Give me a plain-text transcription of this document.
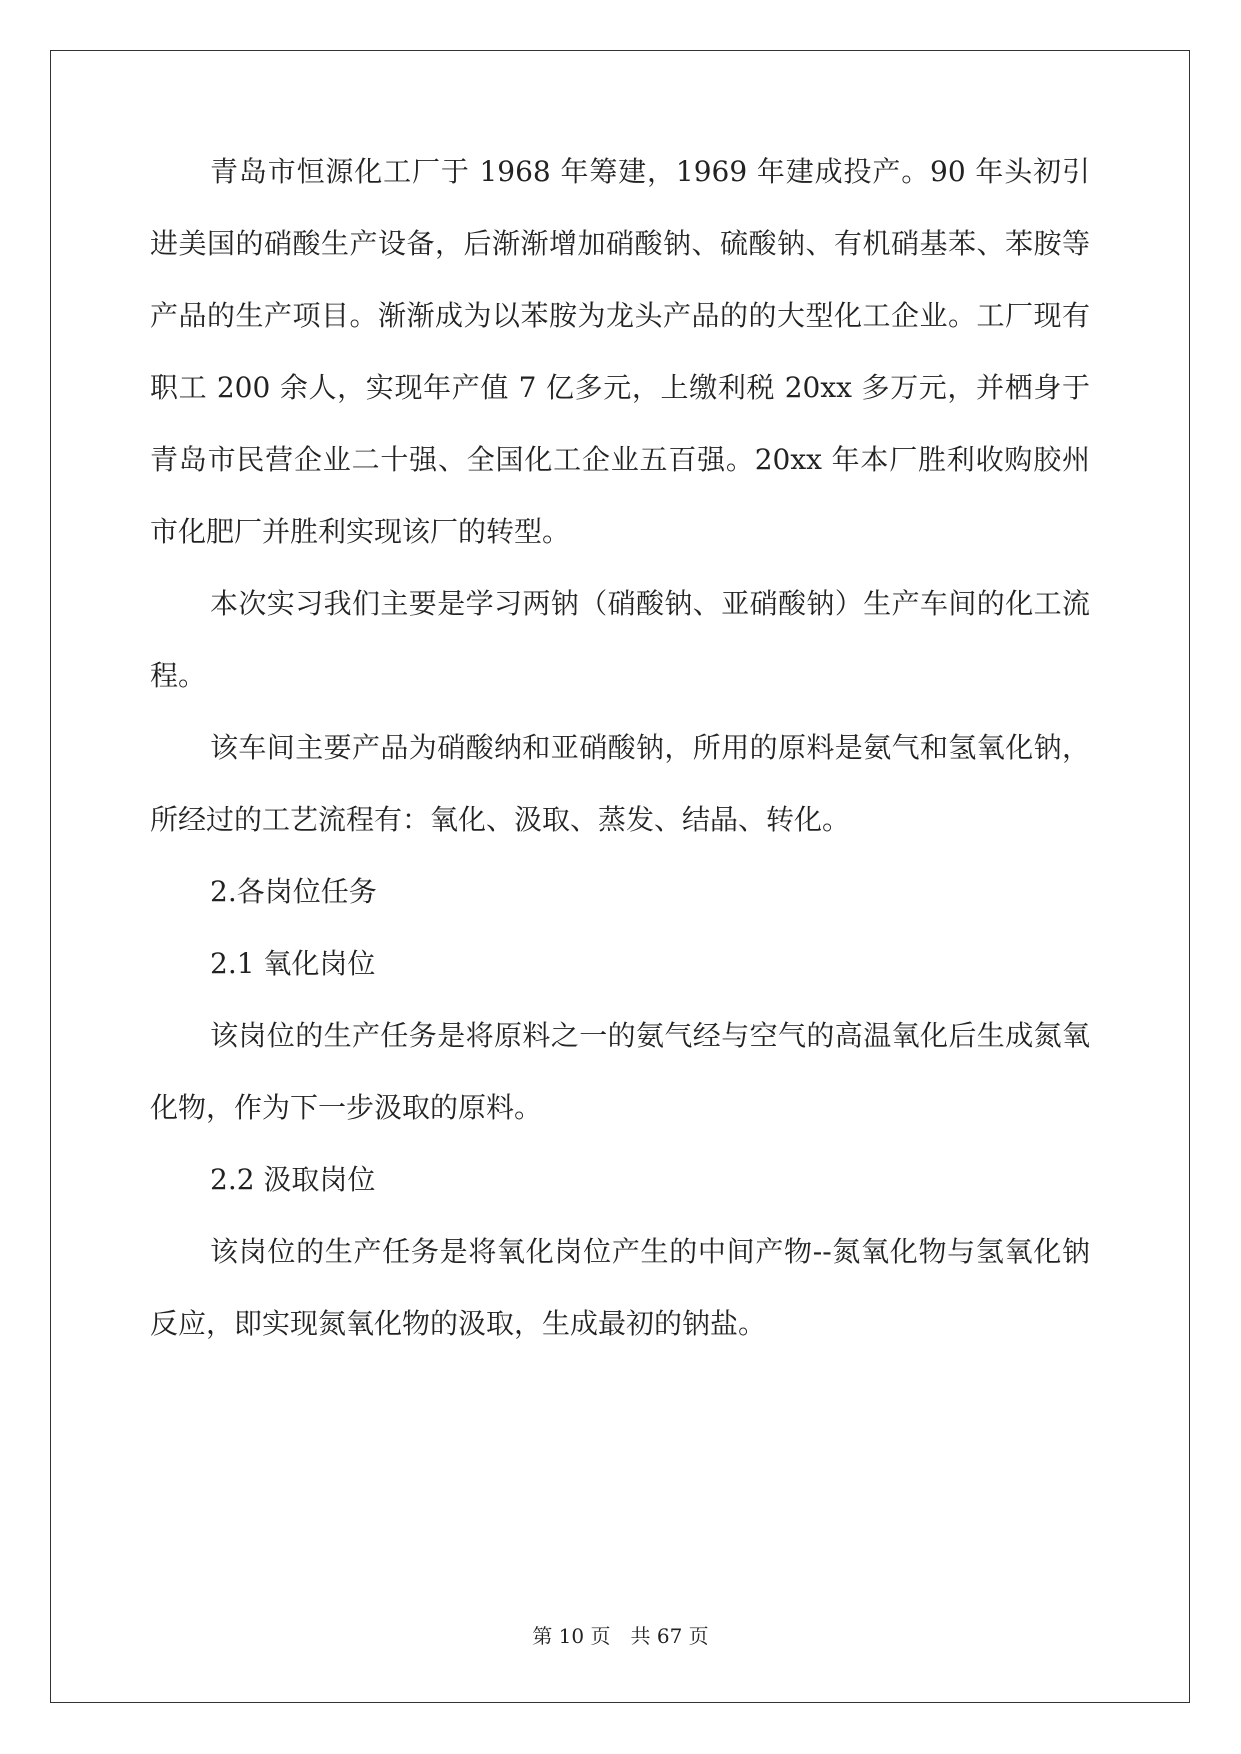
青岛市恒源化工厂于 1968 年筹建，1969 年建成投产。90 年头初引进美国的硝酸生产设备，后渐渐增加硝酸钠、硫酸钠、有机硝基苯、苯胺等产品的生产项目。渐渐成为以苯胺为龙头产品的的大型化工企业。工厂现有职工 200 余人，实现年产值 7 亿多元，上缴利税 20xx 多万元，并栖身于青岛市民营企业二十强、全国化工企业五百强。20xx 年本厂胜利收购胶州市化肥厂并胜利实现该厂的转型。

本次实习我们主要是学习两钠（硝酸钠、亚硝酸钠）生产车间的化工流程。

该车间主要产品为硝酸纳和亚硝酸钠，所用的原料是氨气和氢氧化钠，所经过的工艺流程有：氧化、汲取、蒸发、结晶、转化。

2.各岗位任务

2.1 氧化岗位

该岗位的生产任务是将原料之一的氨气经与空气的高温氧化后生成氮氧化物，作为下一步汲取的原料。

2.2 汲取岗位

该岗位的生产任务是将氧化岗位产生的中间产物--氮氧化物与氢氧化钠反应，即实现氮氧化物的汲取，生成最初的钠盐。

第 10 页　共 67 页
